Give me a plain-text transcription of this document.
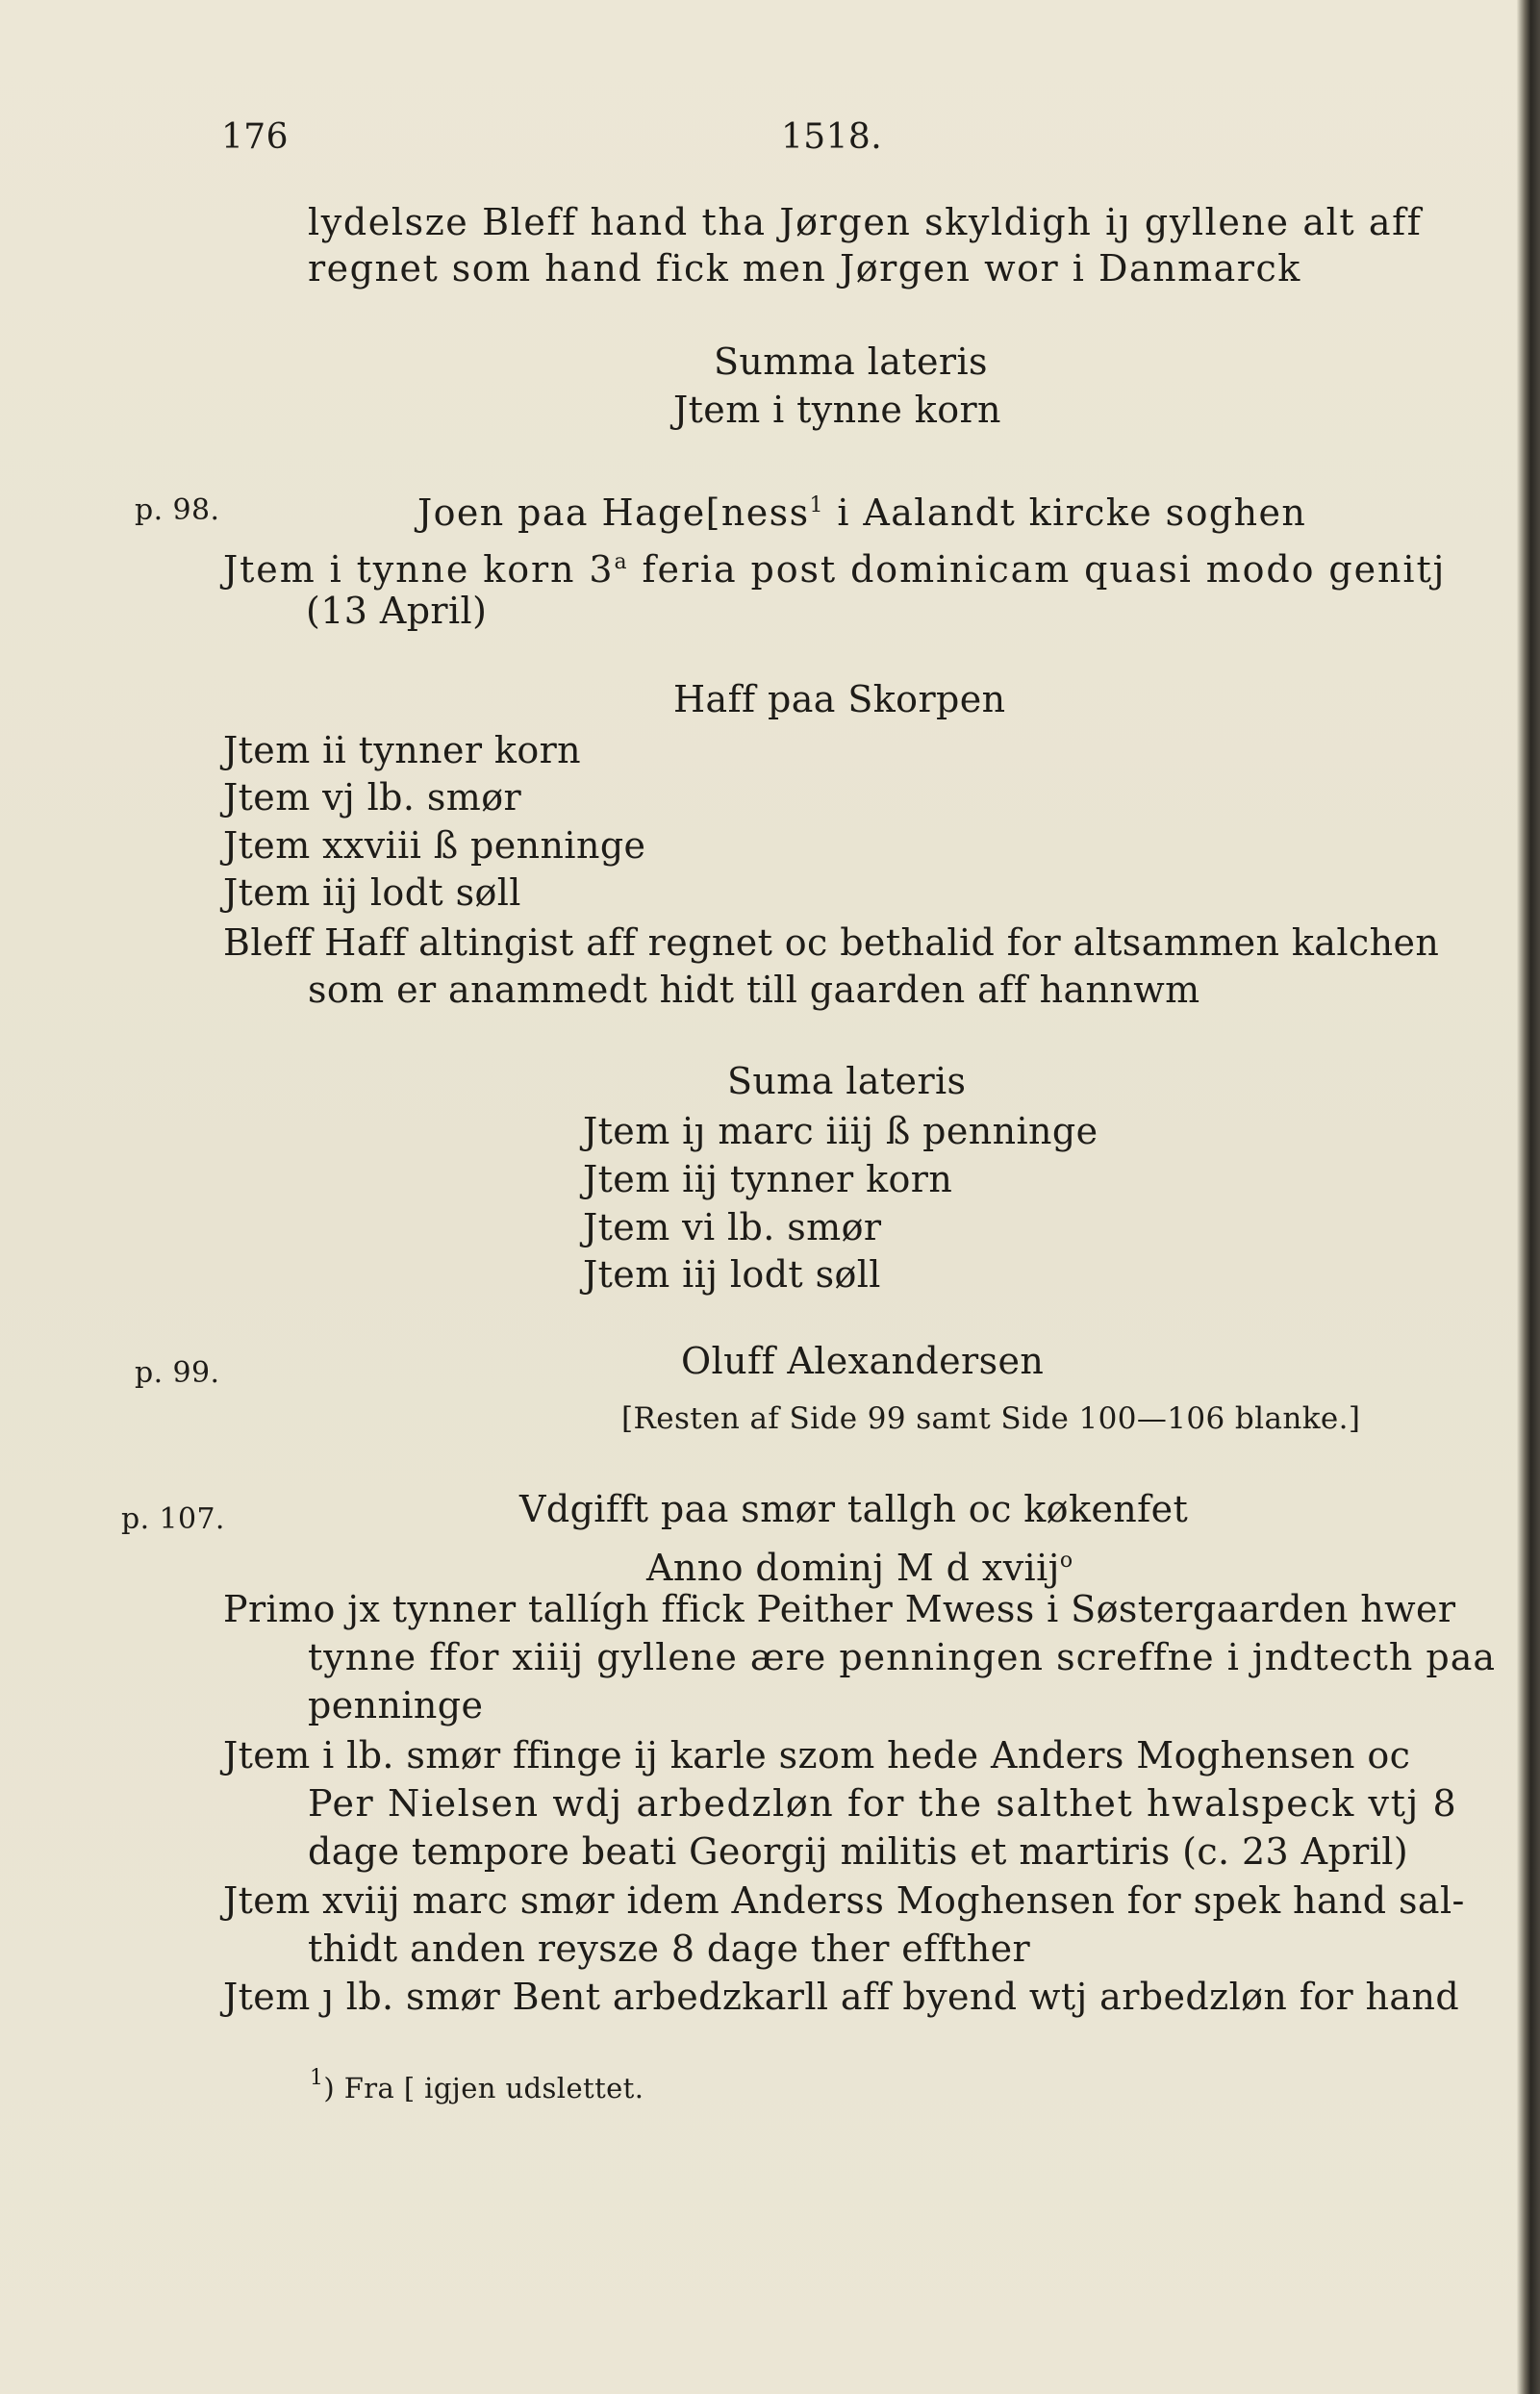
176	1518.
lydelsze Bleff hand tha Jørgen skyldigh iȷ gyllene alt aff
regnet som hand fick men Jørgen wor i Danmarck
Summa lateris
Jtem i tynne korn
p. 98.	Joen paa Hage[ness$^1$ i Aalandt kircke soghen
Jtem i tynne korn 3$^a$ feria post dominicam quasi modo genitj
(13 April)
Haff paa Skorpen
Jtem ii tynner korn
Jtem vj lb. smør
Jtem xxviii ß penninge
Jtem iij lodt søll
Bleff Haff altingist aff regnet oc bethalid for altsammen kalchen
som er anammedt hidt till gaarden aff hannwm
Suma lateris
Jtem iȷ marc iiij ß penninge
Jtem iij tynner korn
Jtem vi lb. smør
Jtem iij lodt søll
p. 99.	Oluff Alexandersen
[Resten af Side 99 samt Side 100—106 blanke.]
p. 107.	Vdgifft paa smør tallgh oc køkenfet
Anno dominj M d xviij$^o$
Primo jx tynner tallígh ffick Peither Mwess i Søstergaarden hwer
tynne ffor xiiij gyllene ære penningen screffne i jndtecth paa
penninge
Jtem i lb. smør ffinge ij karle szom hede Anders Moghensen oc
Per Nielsen wdj arbedzløn for the salthet hwalspeck vtj 8
dage tempore beati Georgij militis et martiris (c. 23 April)
Jtem xviij marc smør idem Anderss Moghensen for spek hand sal-
thidt anden reysze 8 dage ther effther
Jtem ȷ lb. smør Bent arbedzkarll aff byend wtj arbedzløn for hand
$^1$) Fra [ igjen udslettet.
